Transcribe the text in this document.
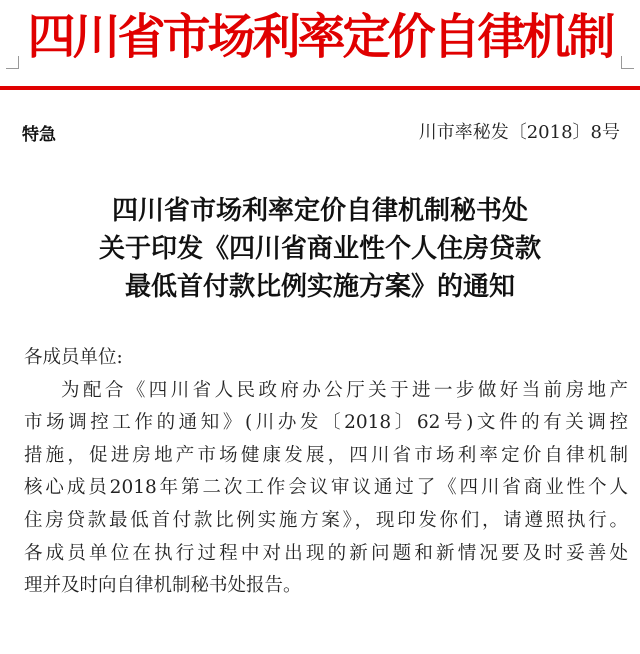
四川省市场利率定价自律机制
特急	川市率秘发〔2018〕8号
四川省市场利率定价自律机制秘书处
关于印发《四川省商业性个人住房贷款
最低首付款比例实施方案》的通知
各成员单位:
为配合《四川省人民政府办公厅关于进一步做好当前房地产
市场调控工作的通知》(川办发〔2018〕62号)文件的有关调控
措施，促进房地产市场健康发展，四川省市场利率定价自律机制
核心成员2018年第二次工作会议审议通过了《四川省商业性个人
住房贷款最低首付款比例实施方案》，现印发你们，请遵照执行。
各成员单位在执行过程中对出现的新问题和新情况要及时妥善处
理并及时向自律机制秘书处报告。
